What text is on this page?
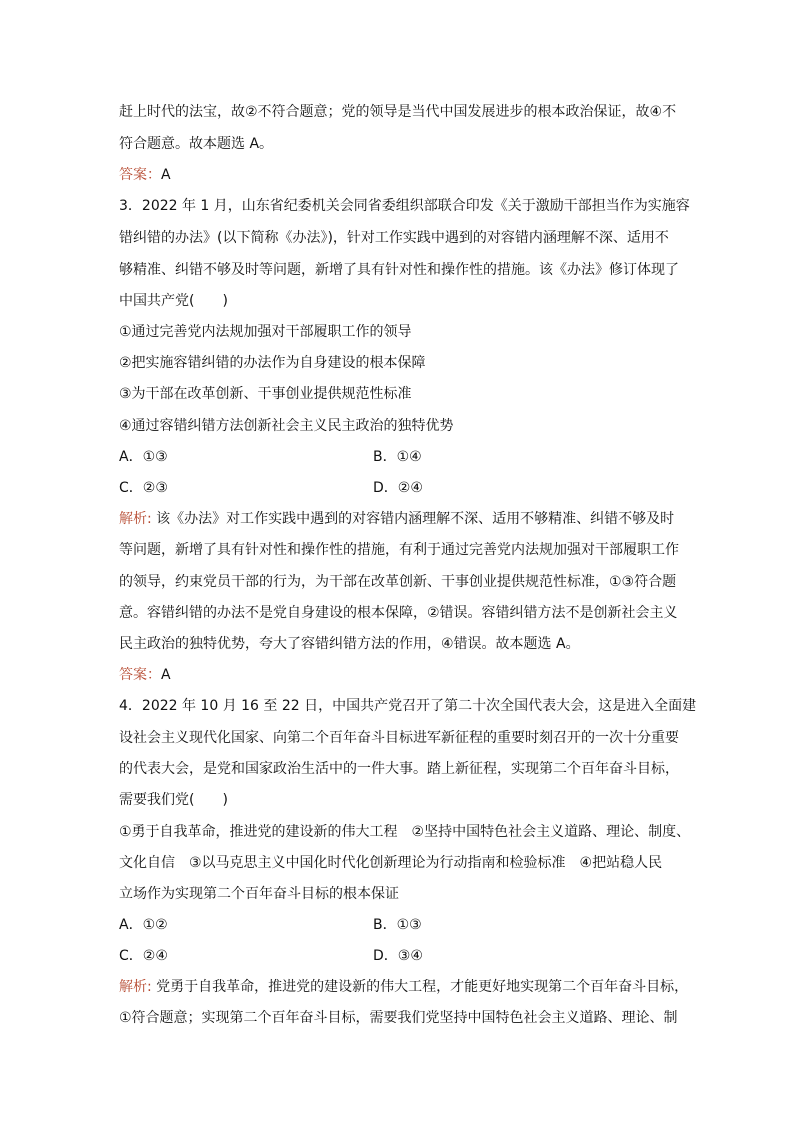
赶上时代的法宝，故②不符合题意；党的领导是当代中国发展进步的根本政治保证，故④不
符合题意。故本题选 A。
答案：A
3．2022 年 1 月，山东省纪委机关会同省委组织部联合印发《关于激励干部担当作为实施容
错纠错的办法》(以下简称《办法》)，针对工作实践中遇到的对容错内涵理解不深、适用不
够精准、纠错不够及时等问题，新增了具有针对性和操作性的措施。该《办法》修订体现了
中国共产党(　　)
①通过完善党内法规加强对干部履职工作的领导
②把实施容错纠错的办法作为自身建设的根本保障
③为干部在改革创新、干事创业提供规范性标准
④通过容错纠错方法创新社会主义民主政治的独特优势
A．①③	B．①④
C．②③	D．②④
解析: 该《办法》对工作实践中遇到的对容错内涵理解不深、适用不够精准、纠错不够及时
等问题，新增了具有针对性和操作性的措施，有利于通过完善党内法规加强对干部履职工作
的领导，约束党员干部的行为，为干部在改革创新、干事创业提供规范性标准，①③符合题
意。容错纠错的办法不是党自身建设的根本保障，②错误。容错纠错方法不是创新社会主义
民主政治的独特优势，夸大了容错纠错方法的作用，④错误。故本题选 A。
答案：A
4．2022 年 10 月 16 至 22 日，中国共产党召开了第二十次全国代表大会，这是进入全面建
设社会主义现代化国家、向第二个百年奋斗目标进军新征程的重要时刻召开的一次十分重要
的代表大会，是党和国家政治生活中的一件大事。踏上新征程，实现第二个百年奋斗目标，
需要我们党(　　)
①勇于自我革命，推进党的建设新的伟大工程　②坚持中国特色社会主义道路、理论、制度、
文化自信　③以马克思主义中国化时代化创新理论为行动指南和检验标准　④把站稳人民
立场作为实现第二个百年奋斗目标的根本保证
A．①②	B．①③
C．②④	D．③④
解析: 党勇于自我革命，推进党的建设新的伟大工程，才能更好地实现第二个百年奋斗目标，
①符合题意；实现第二个百年奋斗目标，需要我们党坚持中国特色社会主义道路、理论、制
